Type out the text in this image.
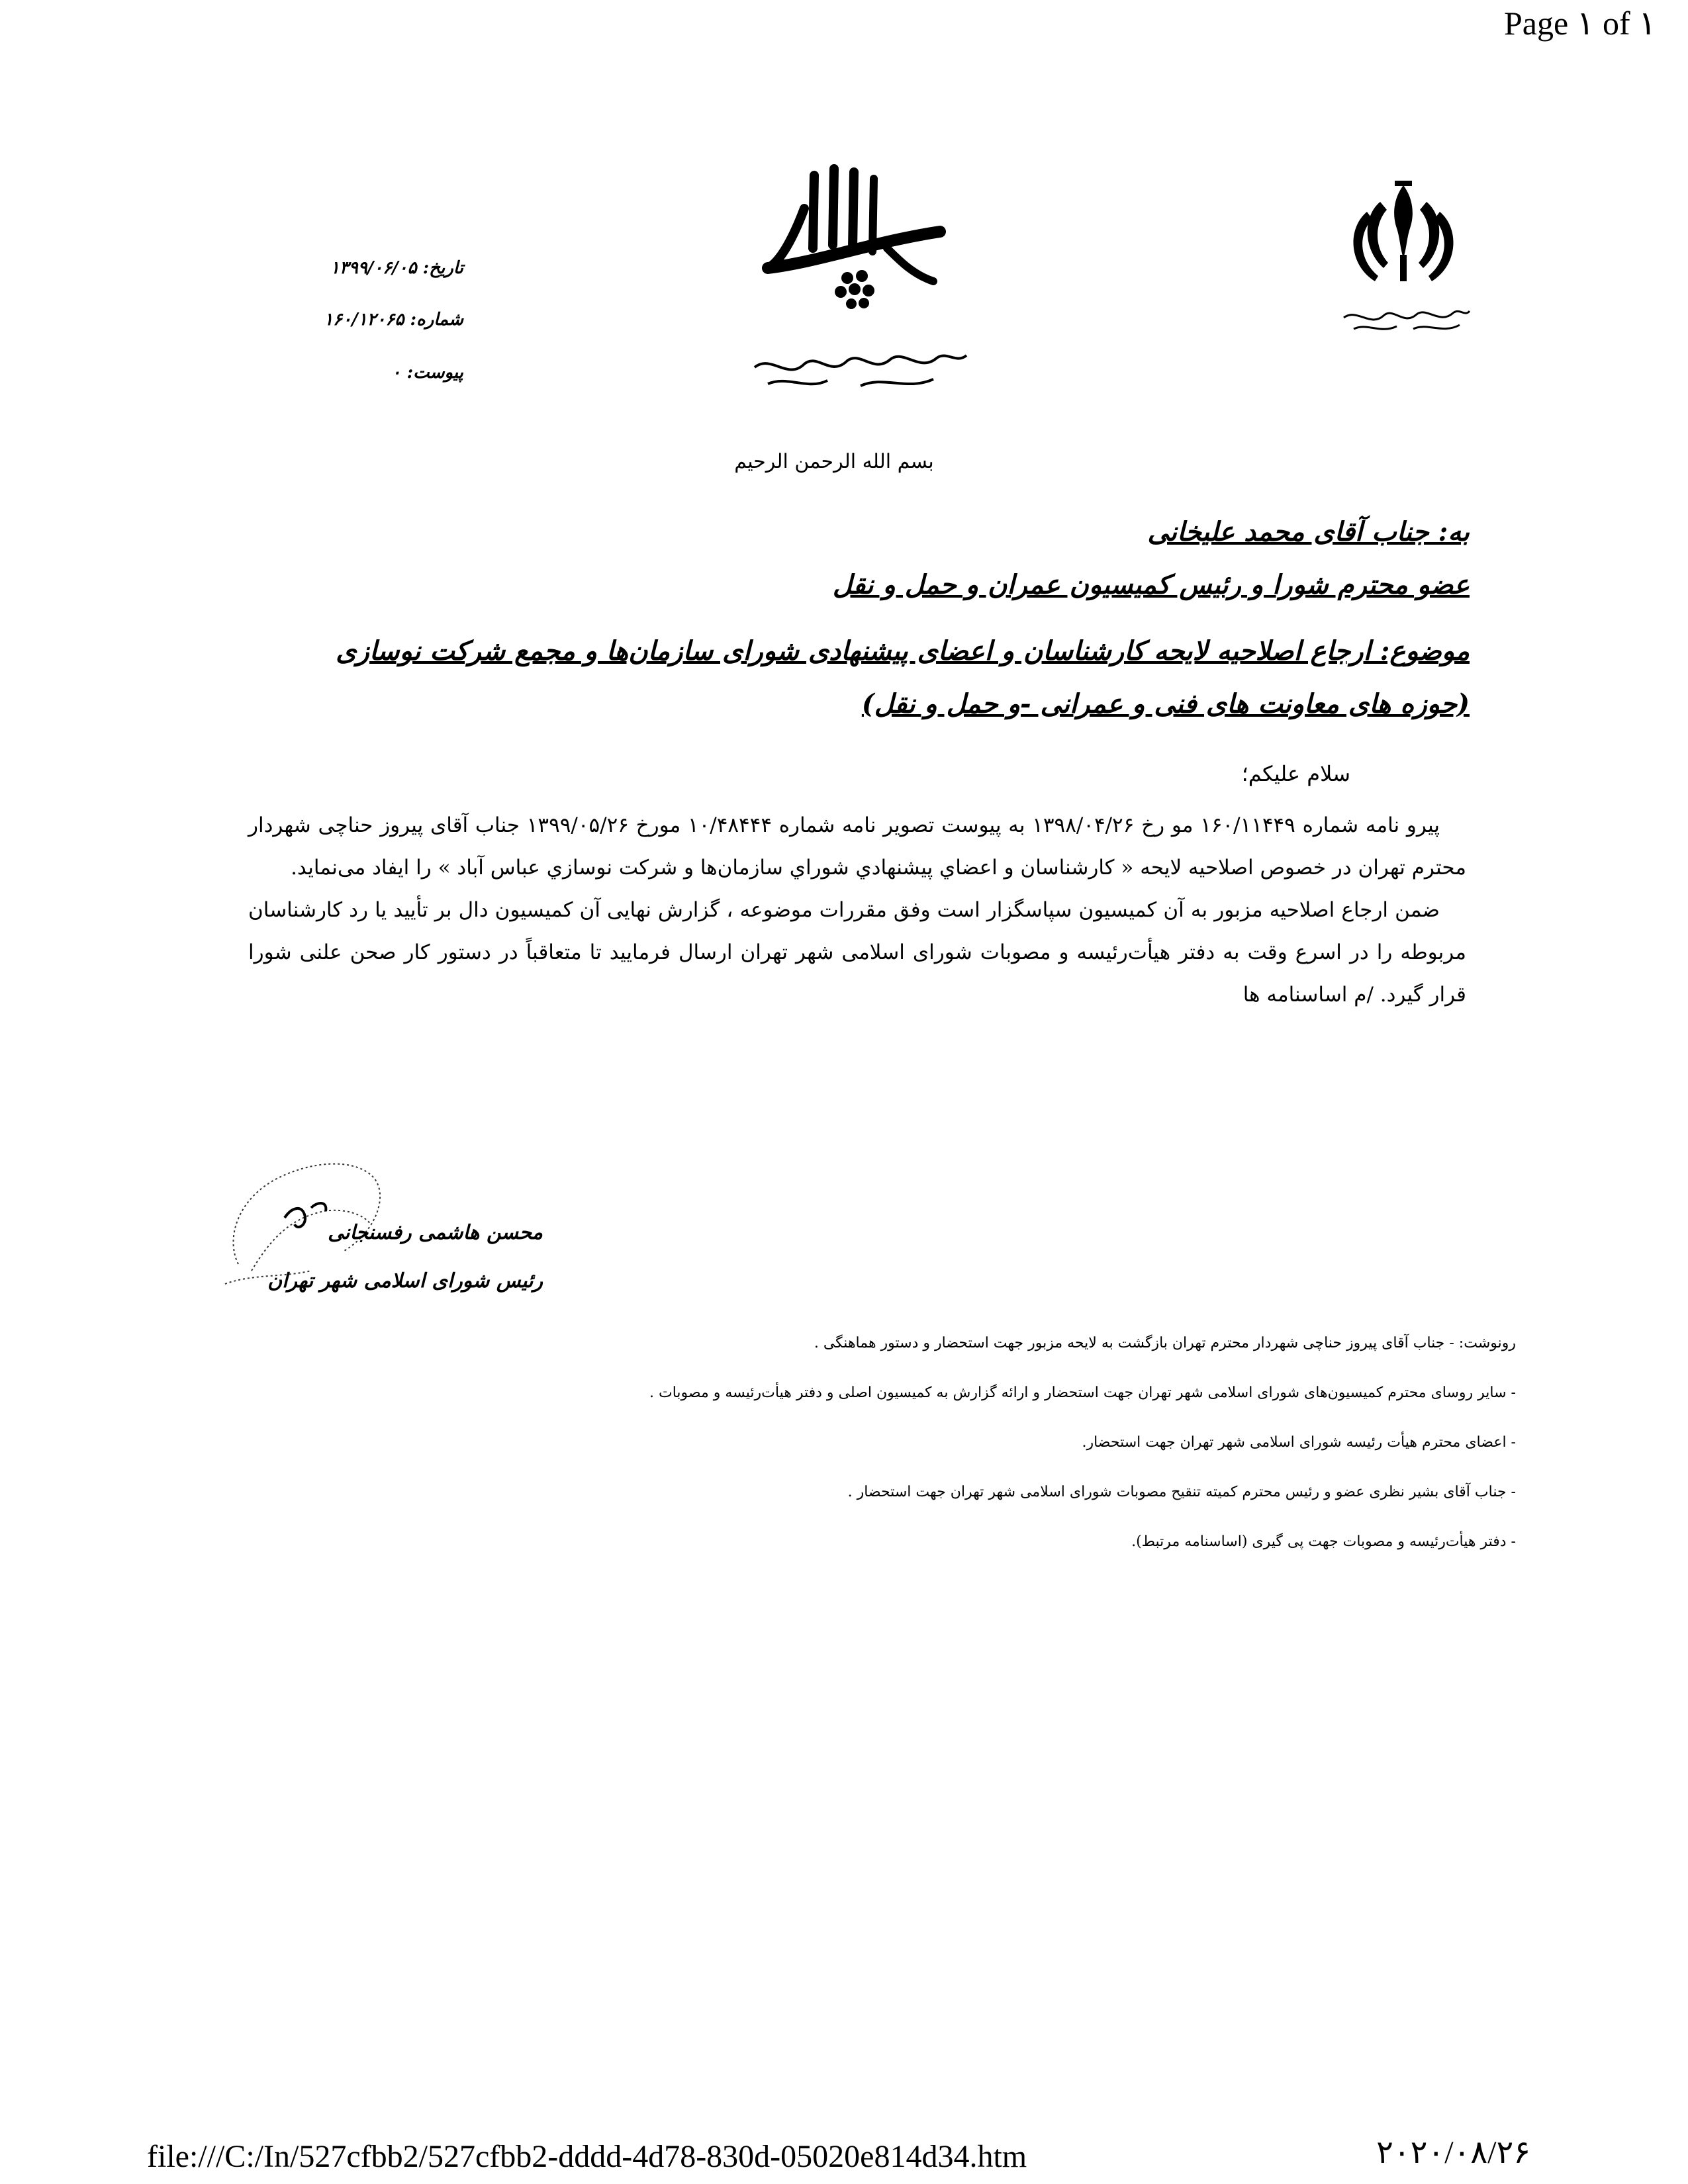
Page ۱ of ۱
file:///C:/In/527cfbb2/527cfbb2-dddd-4d78-830d-05020e814d34.htm	۲۰۲۰/۰۸/۲۶
تاریخ: ۱۳۹۹/۰۶/۰۵
شماره: ۱۶۰/۱۲۰۶۵
پیوست: ۰
بسم الله الرحمن الرحیم
به: جناب آقای محمد علیخانی
عضو محترم شورا و رئیس کمیسیون عمران و حمل و نقل
موضوع: ارجاع اصلاحیه لایحه کارشناسان و اعضای پیشنهادی شورای سازمان‌ها و مجمع شرکت نوسازی
(حوزه های معاونت های فنی و عمرانی -و حمل و نقل)
سلام علیکم؛

پیرو نامه شماره ۱۶۰/۱۱۴۴۹ مو رخ ۱۳۹۸/۰۴/۲۶ به پیوست تصویر نامه شماره ۱۰/۴۸۴۴۴ مورخ ۱۳۹۹/۰۵/۲۶ جناب آقای پیروز حناچی شهردار محترم تهران در خصوص اصلاحیه لایحه « کارشناسان و اعضاي پیشنهادي شوراي سازمان‌ها و شرکت نوسازي عباس آباد » را ایفاد می‌نماید.

ضمن ارجاع اصلاحیه مزبور به آن کمیسیون سپاسگزار است وفق مقررات موضوعه ، گزارش نهایی آن کمیسیون دال بر تأیید یا رد کارشناسان مربوطه را در اسرع وقت به دفتر هیأت‌رئیسه و مصوبات شورای اسلامی شهر تهران ارسال فرمایید تا متعاقباً در دستور کار صحن علنی شورا قرار گیرد. /م اساسنامه ها

محسن هاشمی رفسنجانی
رئیس شورای اسلامی شهر تهران
رونوشت: - جناب آقای پیروز حناچی شهردار محترم تهران بازگشت به لایحه مزبور جهت استحضار و دستور هماهنگی .
- سایر روسای محترم کمیسیون‌های شورای اسلامی شهر تهران جهت استحضار و ارائه گزارش به کمیسیون اصلی و دفتر هیأت‌رئیسه و مصوبات .
- اعضای محترم هیأت رئیسه شورای اسلامی شهر تهران جهت استحضار.
- جناب آقای بشیر نظری عضو و رئیس محترم کمیته تنقیح مصوبات شورای اسلامی شهر تهران جهت استحضار .
- دفتر هیأت‌رئیسه و مصوبات جهت پی گیری (اساسنامه مرتبط).
